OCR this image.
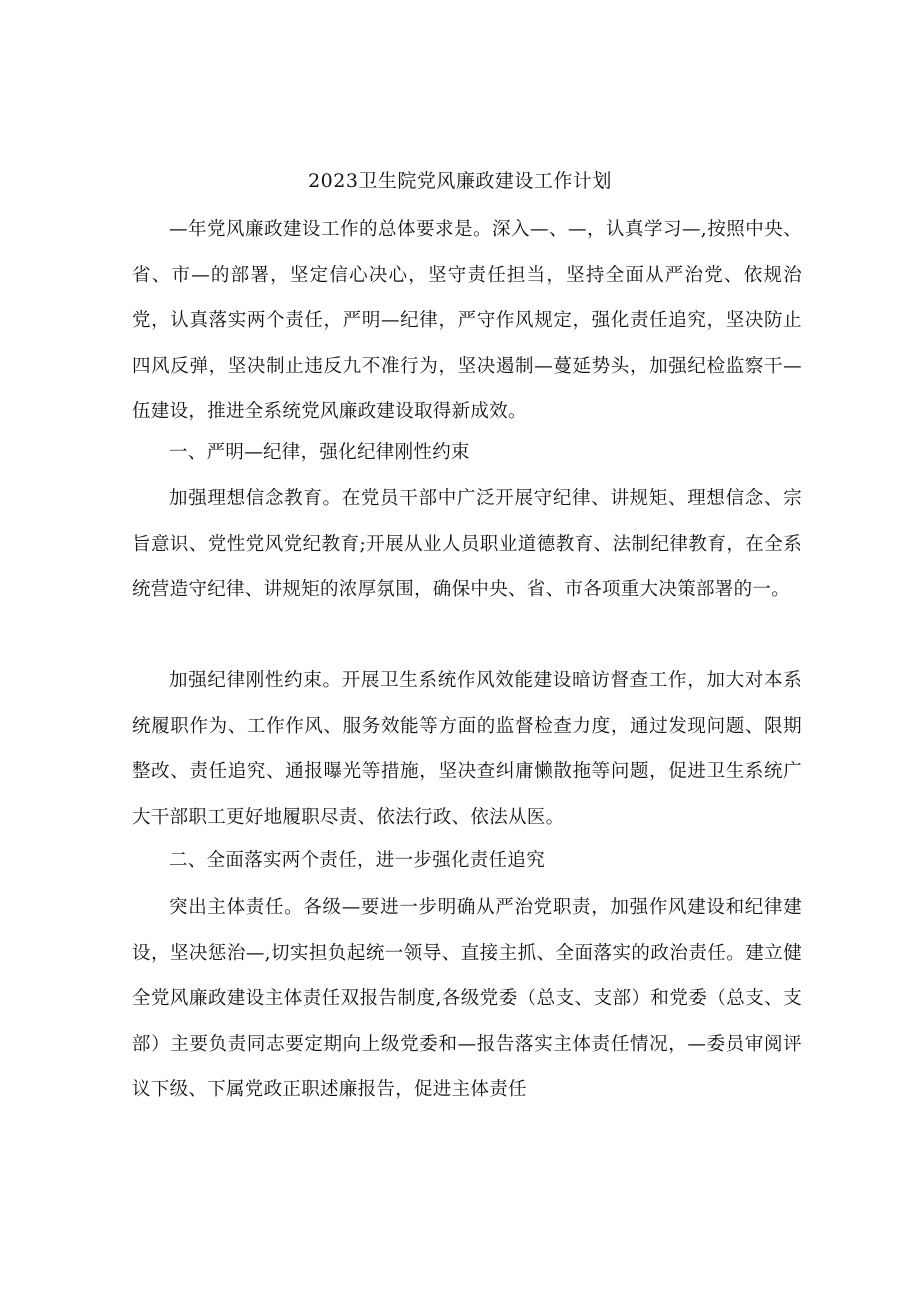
2023卫生院党风廉政建设工作计划

—年党风廉政建设工作的总体要求是。深入—、—，认真学习—,按照中央、省、市—的部署，坚定信心决心，坚守责任担当，坚持全面从严治党、依规治党，认真落实两个责任，严明—纪律，严守作风规定，强化责任追究，坚决防止四风反弹，坚决制止违反九不准行为，坚决遏制—蔓延势头，加强纪检监察干—伍建设，推进全系统党风廉政建设取得新成效。

一、严明—纪律，强化纪律刚性约束

加强理想信念教育。在党员干部中广泛开展守纪律、讲规矩、理想信念、宗旨意识、党性党风党纪教育;开展从业人员职业道德教育、法制纪律教育，在全系统营造守纪律、讲规矩的浓厚氛围，确保中央、省、市各项重大决策部署的一。

加强纪律刚性约束。开展卫生系统作风效能建设暗访督查工作，加大对本系统履职作为、工作作风、服务效能等方面的监督检查力度，通过发现问题、限期整改、责任追究、通报曝光等措施，坚决查纠庸懒散拖等问题，促进卫生系统广大干部职工更好地履职尽责、依法行政、依法从医。

二、全面落实两个责任，进一步强化责任追究

突出主体责任。各级—要进一步明确从严治党职责，加强作风建设和纪律建设，坚决惩治—,切实担负起统一领导、直接主抓、全面落实的政治责任。建立健全党风廉政建设主体责任双报告制度,各级党委（总支、支部）和党委（总支、支部）主要负责同志要定期向上级党委和—报告落实主体责任情况，—委员审阅评议下级、下属党政正职述廉报告，促进主体责任
